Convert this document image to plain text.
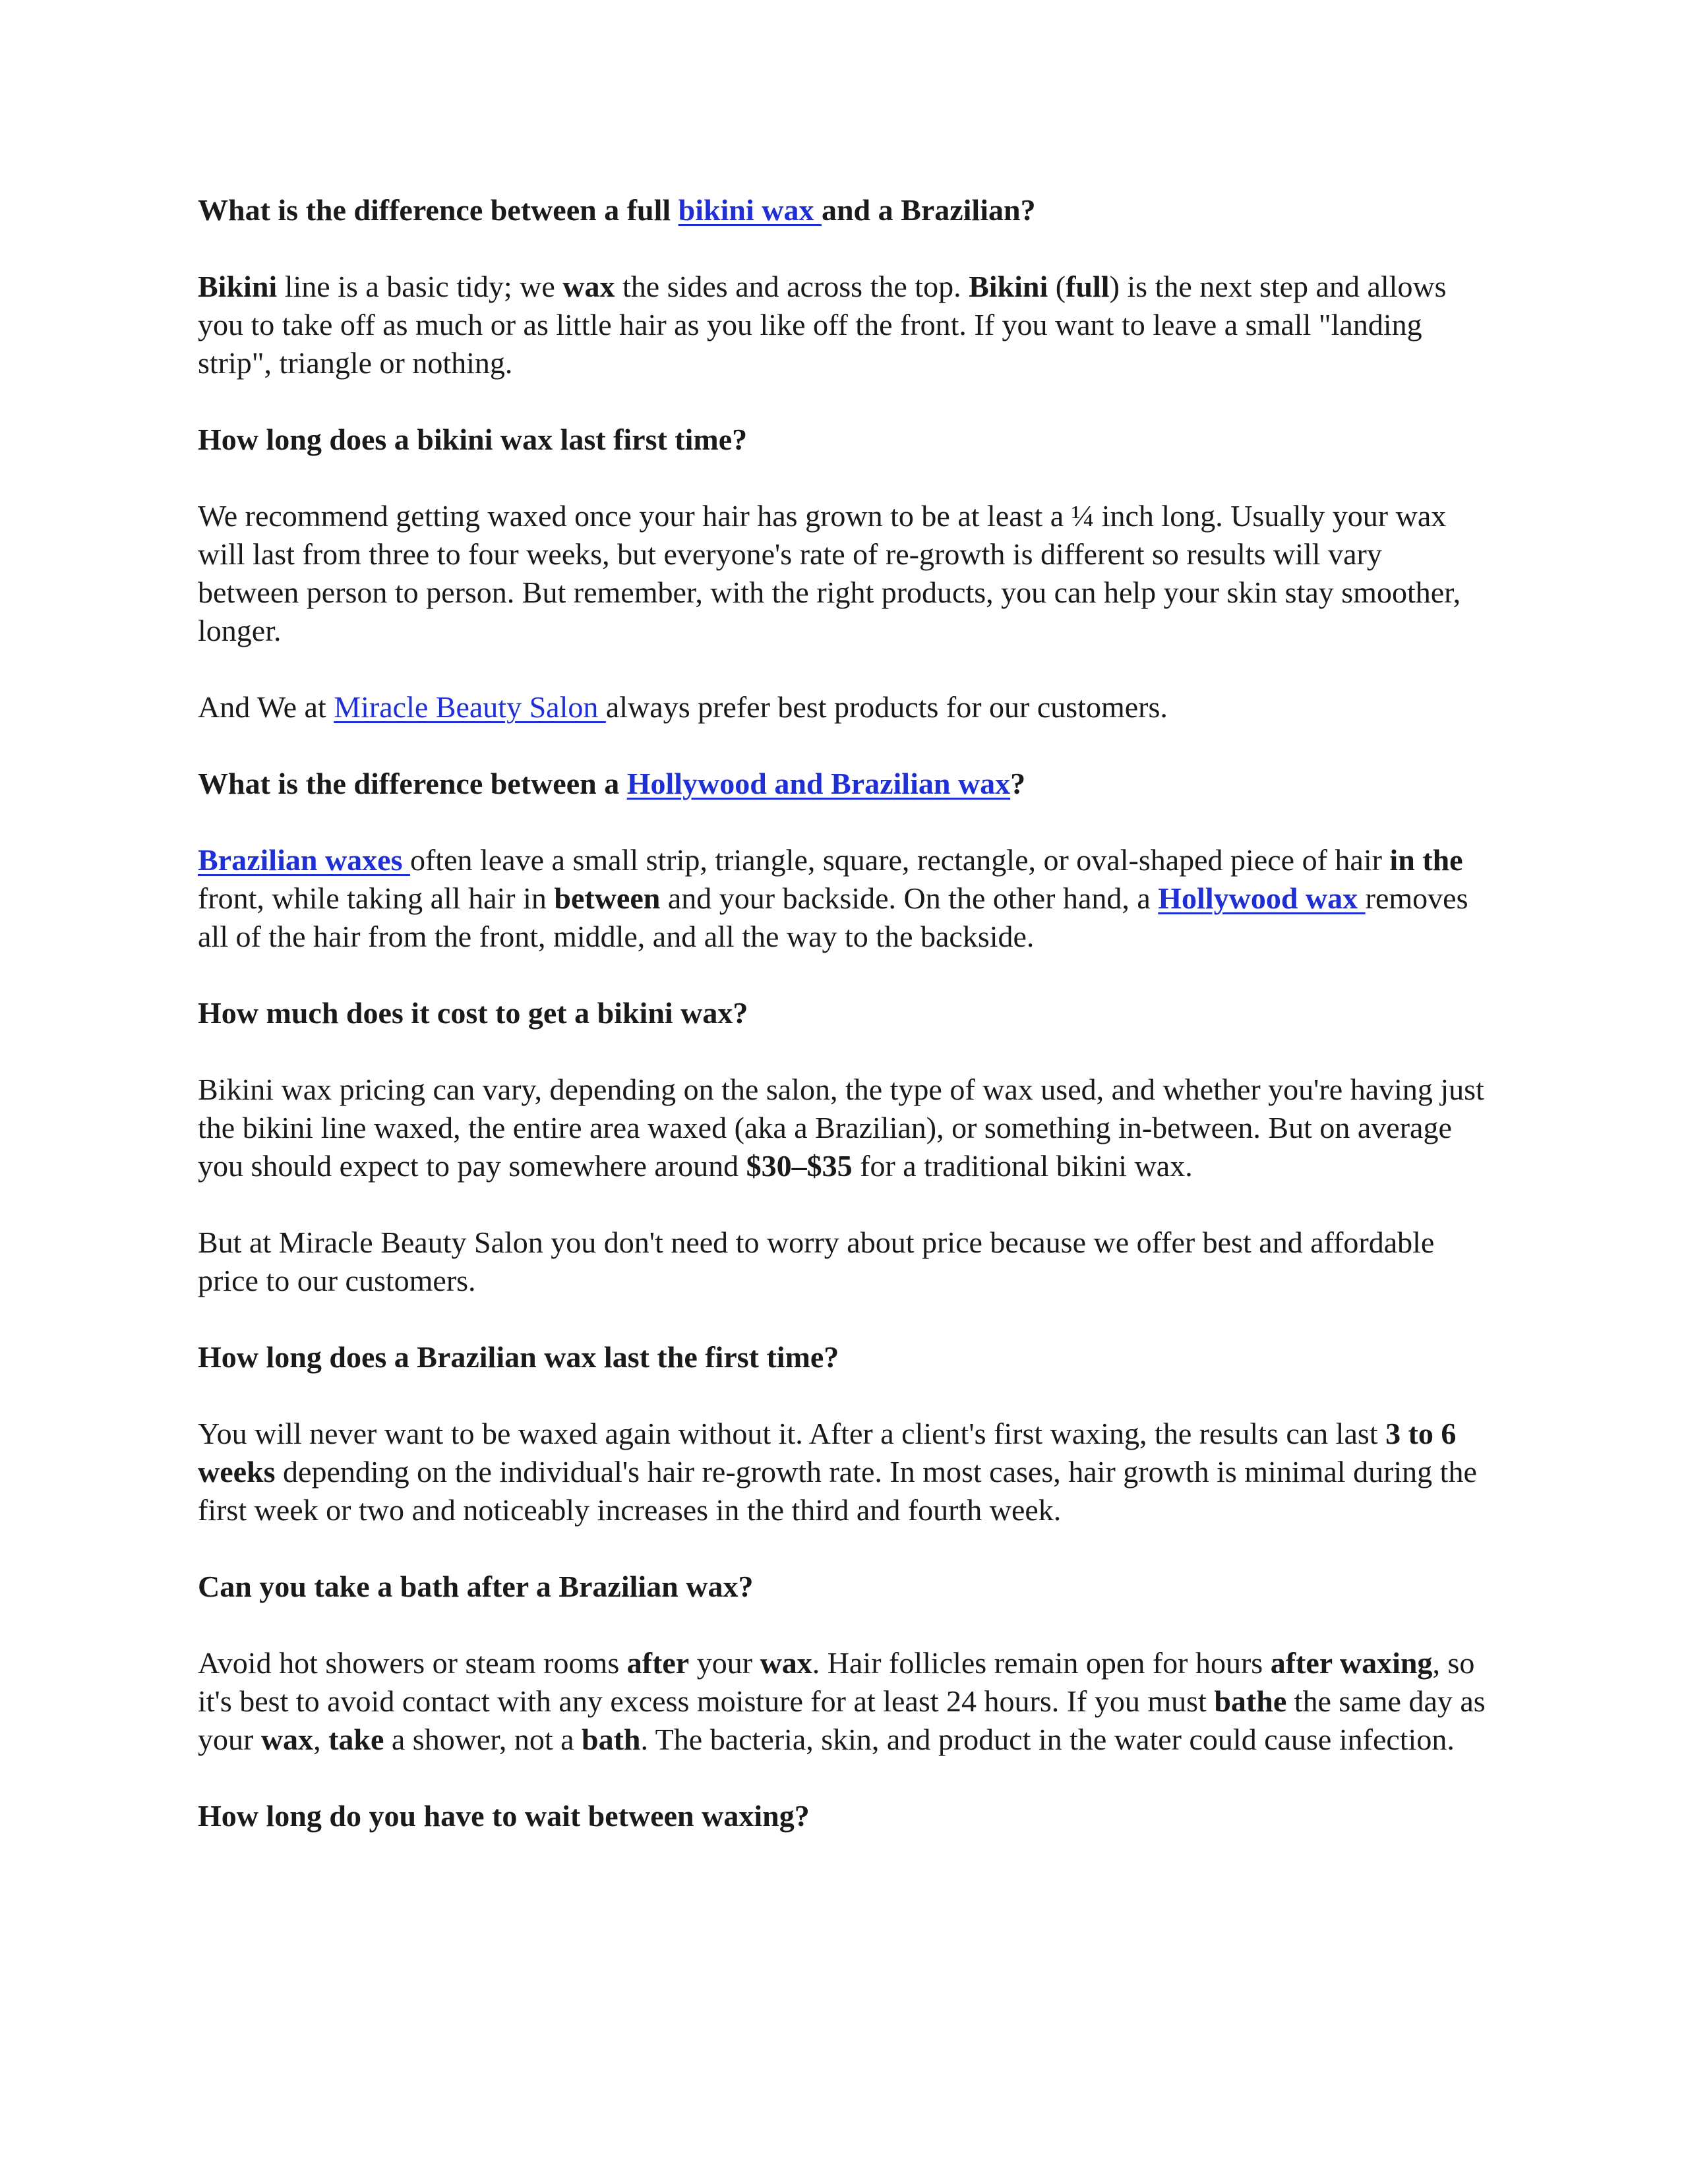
What is the difference between a full bikini wax and a Brazilian?

Bikini line is a basic tidy; we wax the sides and across the top. Bikini (full) is the next step and allows you to take off as much or as little hair as you like off the front. If you want to leave a small "landing strip", triangle or nothing.

How long does a bikini wax last first time?

We recommend getting waxed once your hair has grown to be at least a ¼ inch long. Usually your wax will last from three to four weeks, but everyone's rate of re-growth is different so results will vary between person to person. But remember, with the right products, you can help your skin stay smoother, longer.

And We at Miracle Beauty Salon always prefer best products for our customers.

What is the difference between a Hollywood and Brazilian wax?

Brazilian waxes often leave a small strip, triangle, square, rectangle, or oval-shaped piece of hair in the front, while taking all hair in between and your backside. On the other hand, a Hollywood wax removes all of the hair from the front, middle, and all the way to the backside.

How much does it cost to get a bikini wax?

Bikini wax pricing can vary, depending on the salon, the type of wax used, and whether you're having just the bikini line waxed, the entire area waxed (aka a Brazilian), or something in-between. But on average you should expect to pay somewhere around $30–$35 for a traditional bikini wax.

But at Miracle Beauty Salon you don't need to worry about price because we offer best and affordable price to our customers.

How long does a Brazilian wax last the first time?

You will never want to be waxed again without it. After a client's first waxing, the results can last 3 to 6 weeks depending on the individual's hair re-growth rate. In most cases, hair growth is minimal during the first week or two and noticeably increases in the third and fourth week.

Can you take a bath after a Brazilian wax?

Avoid hot showers or steam rooms after your wax. Hair follicles remain open for hours after waxing, so it's best to avoid contact with any excess moisture for at least 24 hours. If you must bathe the same day as your wax, take a shower, not a bath. The bacteria, skin, and product in the water could cause infection.

How long do you have to wait between waxing?
